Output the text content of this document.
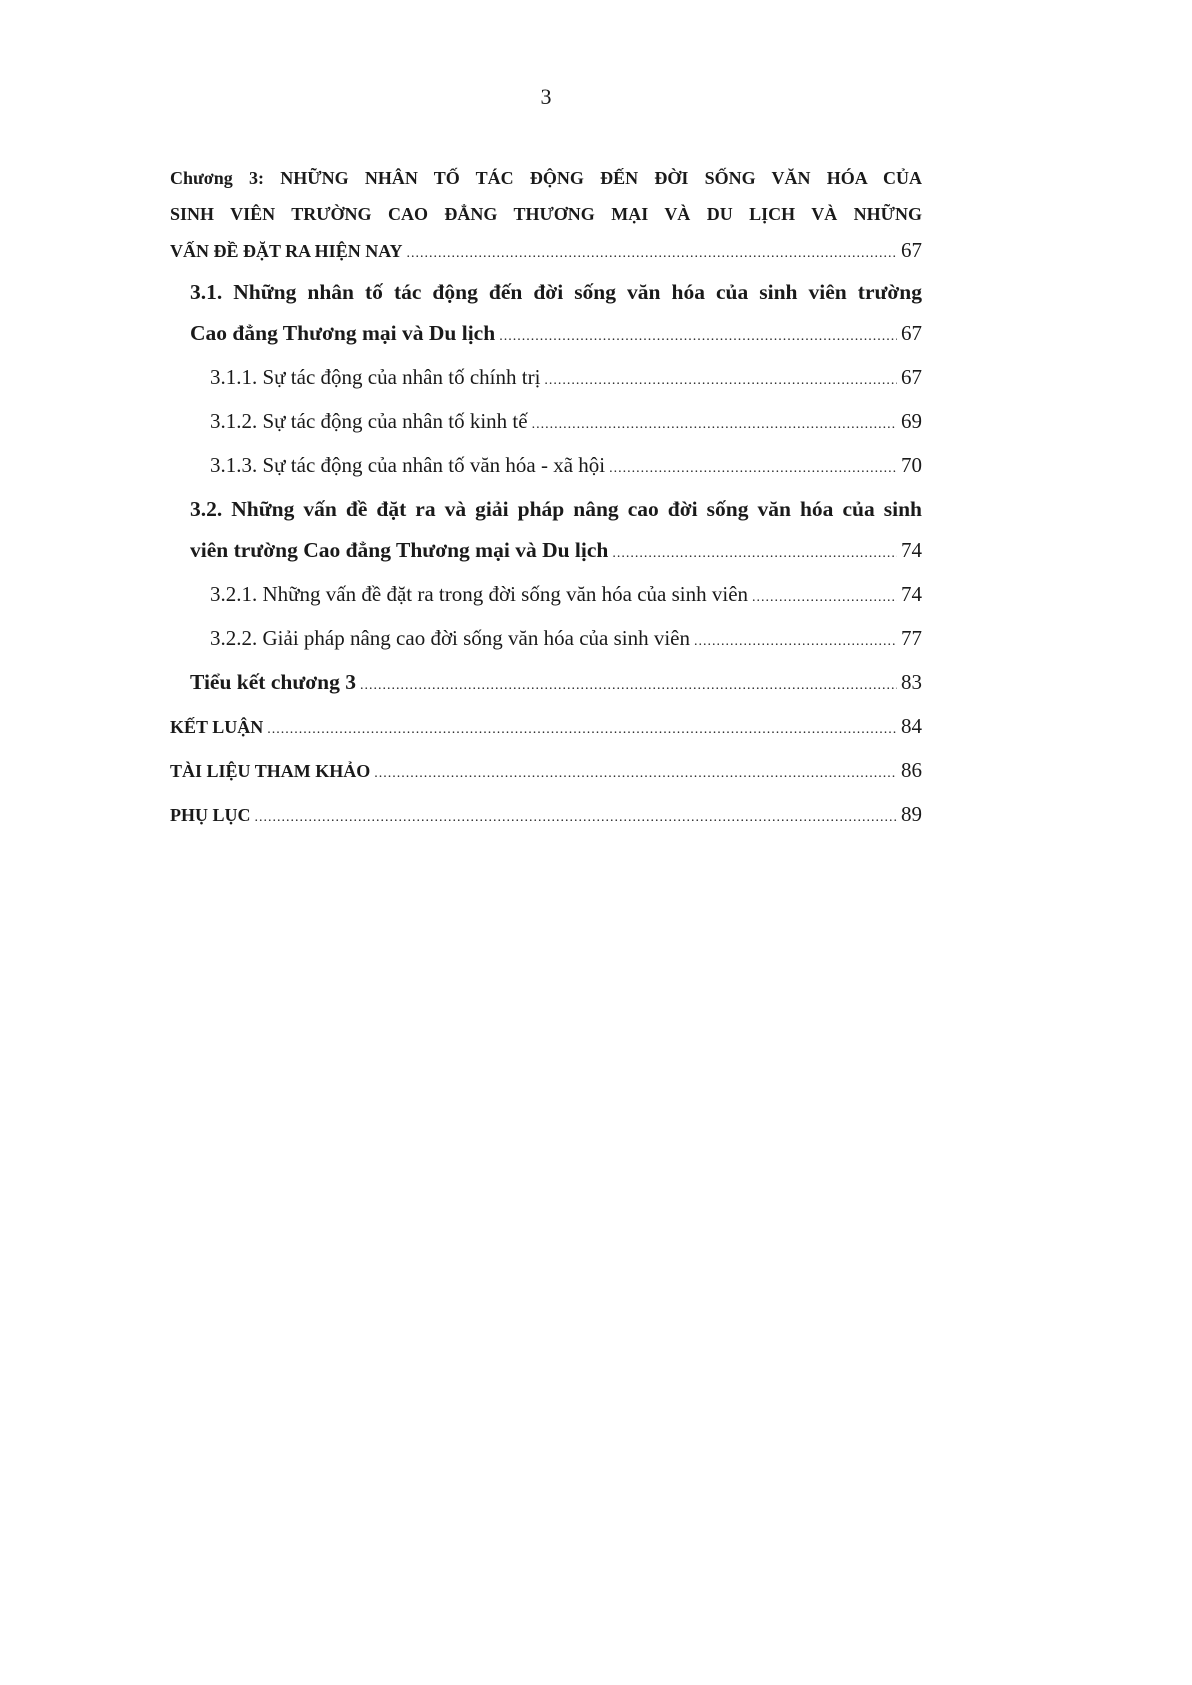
3
Chương 3: NHỮNG NHÂN TỐ TÁC ĐỘNG ĐẾN ĐỜI SỐNG VĂN HÓA CỦA
SINH VIÊN TRƯỜNG CAO ĐẲNG THƯƠNG MẠI VÀ DU LỊCH VÀ NHỮNG
VẤN ĐỀ ĐẶT RA HIỆN NAY .....	67
3.1. Những nhân tố tác động đến đời sống văn hóa của sinh viên trường
Cao đẳng Thương mại và Du lịch .....	67
3.1.1. Sự tác động của nhân tố chính trị .....	67
3.1.2. Sự tác động của nhân tố kinh tế .....	69
3.1.3. Sự tác động của nhân tố văn hóa - xã hội .....	70
3.2. Những vấn đề đặt ra và giải pháp nâng cao đời sống văn hóa của sinh
viên trường Cao đẳng Thương mại và Du lịch .....	74
3.2.1. Những vấn đề đặt ra trong đời sống văn hóa của sinh viên .....	74
3.2.2. Giải pháp nâng cao đời sống văn hóa của sinh viên .....	77
Tiểu kết chương 3 .....	83
KẾT LUẬN .....	84
TÀI LIỆU THAM KHẢO .....	86
PHỤ LỤC .....	89
